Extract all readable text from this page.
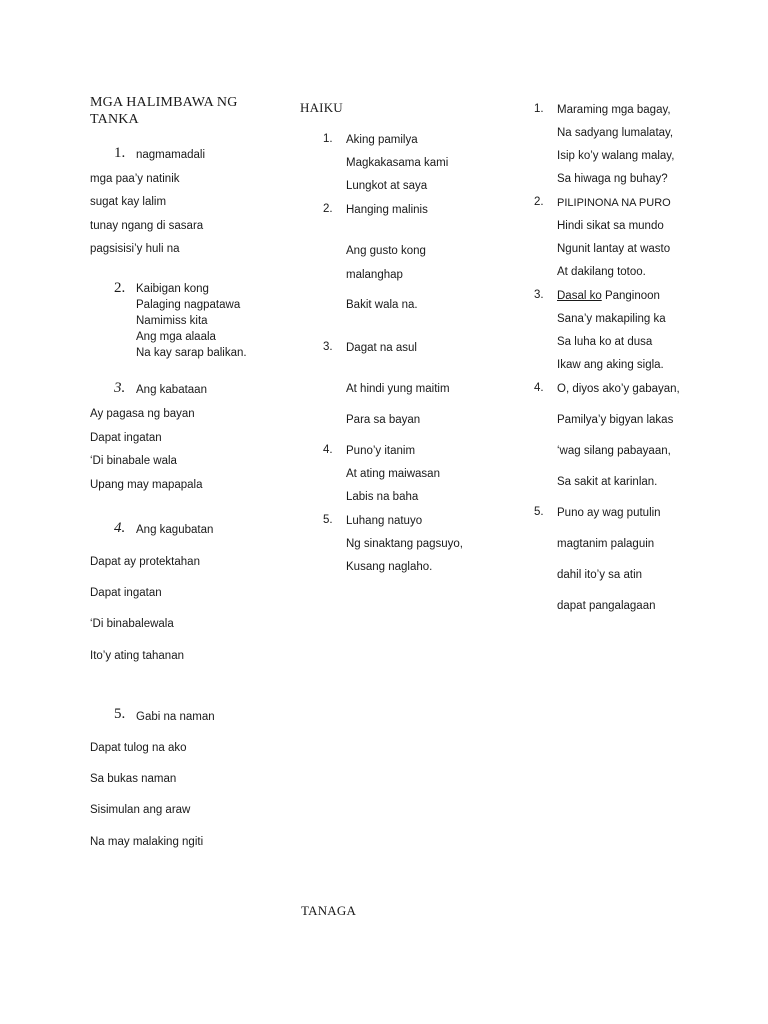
MGA HALIMBAWA NG
TANKA
1. nagmamadali
mga paa’y natinik
sugat kay lalim
tunay ngang di sasara
pagsisisi’y huli na
2. Kaibigan kong
Palaging nagpatawa
Namimiss kita
Ang mga alaala
Na kay sarap balikan.
3. Ang kabataan
Ay pagasa ng bayan
Dapat ingatan
‘Di binabale wala
Upang may mapapala
4. Ang kagubatan
Dapat ay protektahan
Dapat ingatan
‘Di binabalewala
Ito’y ating tahanan
5. Gabi na naman
Dapat tulog na ako
Sa bukas naman
Sisimulan ang araw
Na may malaking ngiti
HAIKU
1. Aking pamilya
Magkakasama kami
Lungkot at saya
2. Hanging malinis
Ang gusto kong
malanghap
Bakit wala na.
3. Dagat na asul
At hindi yung maitim
Para sa bayan
4. Puno’y itanim
At ating maiwasan
Labis na baha
5. Luhang natuyo
Ng sinaktang pagsuyo,
Kusang naglaho.
1. Maraming mga bagay,
Na sadyang lumalatay,
Isip ko’y walang malay,
Sa hiwaga ng buhay?
2. PILIPINONA NA PURO
Hindi sikat sa mundo
Ngunit lantay at wasto
At dakilang totoo.
3. Dasal ko Panginoon
Sana’y makapiling ka
Sa luha ko at dusa
Ikaw ang aking sigla.
4. O, diyos ako’y gabayan,
Pamilya’y bigyan lakas
‘wag silang pabayaan,
Sa sakit at karinlan.
5. Puno ay wag putulin
magtanim palaguin
dahil ito’y sa atin
dapat pangalagaan
TANAGA
